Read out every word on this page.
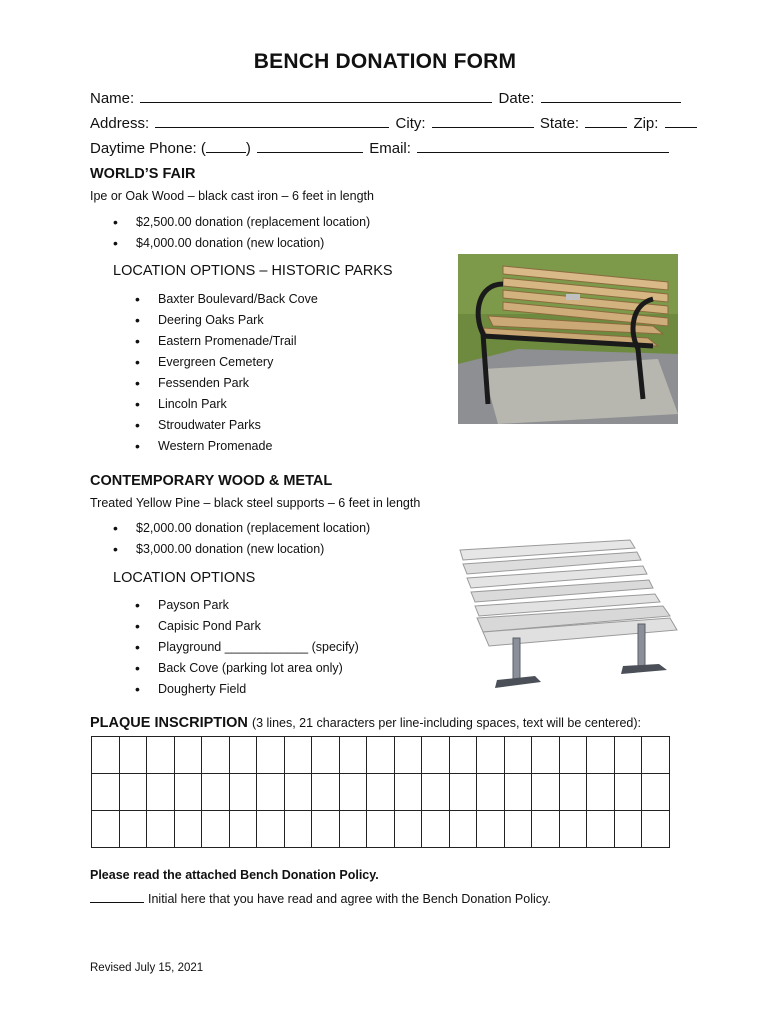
BENCH DONATION FORM
Name:	Date:
Address:	City:	State:	Zip:
Daytime Phone: (	)	Email:
WORLD’S FAIR
Ipe or Oak Wood – black cast iron – 6 feet in length
• $2,500.00 donation (replacement location)
• $4,000.00 donation (new location)
LOCATION OPTIONS – HISTORIC PARKS
• Baxter Boulevard/Back Cove
• Deering Oaks Park
• Eastern Promenade/Trail
• Evergreen Cemetery
• Fessenden Park
• Lincoln Park
• Stroudwater Parks
• Western Promenade
CONTEMPORARY WOOD & METAL
Treated Yellow Pine – black steel supports – 6 feet in length
• $2,000.00 donation (replacement location)
• $3,000.00 donation (new location)
LOCATION OPTIONS
• Payson Park
• Capisic Pond Park
• Playground ____________ (specify)
• Back Cove (parking lot area only)
• Dougherty Field
PLAQUE INSCRIPTION (3 lines, 21 characters per line-including spaces, text will be centered):

Please read the attached Bench Donation Policy.
Initial here that you have read and agree with the Bench Donation Policy.
Revised July 15, 2021
